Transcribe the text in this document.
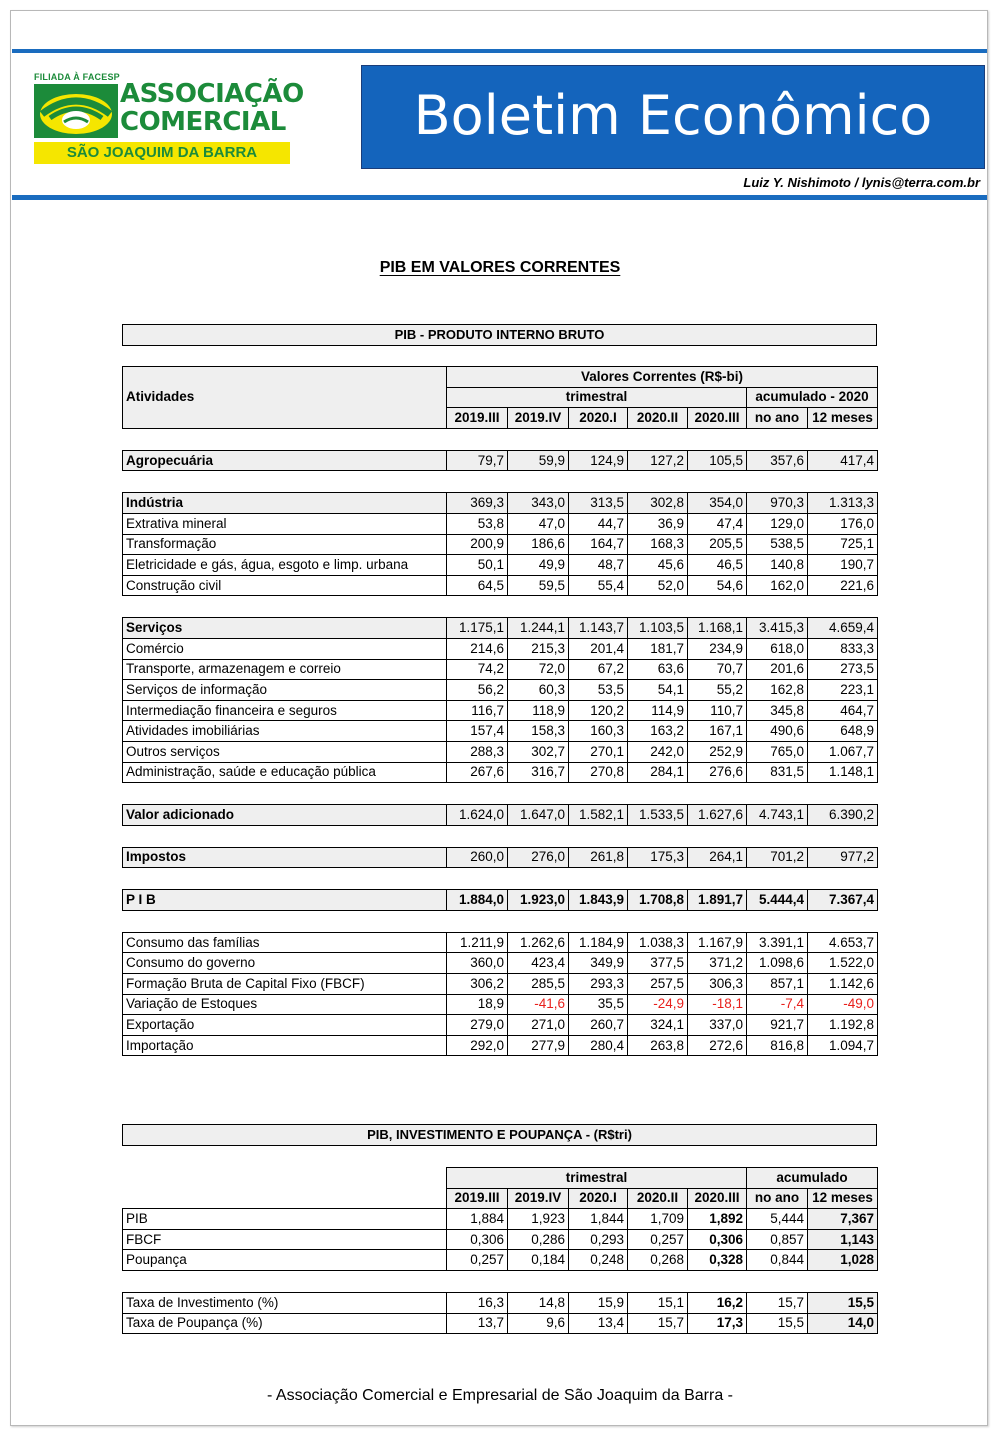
FILIADA À FACESP
ASSOCIAÇÃO
COMERCIAL
SÃO JOAQUIM DA BARRA
Boletim Econômico
Luiz Y. Nishimoto / lynis@terra.com.br
PIB EM VALORES CORRENTES
PIB - PRODUTO INTERNO BRUTO
Atividades	Valores Correntes (R$-bi)						
	trimestral					acumulado - 2020	
	2019.III	2019.IV	2020.I	2020.II	2020.III	no ano	12 meses

Agropecuária	79,7	59,9	124,9	127,2	105,5	357,6	417,4

Indústria	369,3	343,0	313,5	302,8	354,0	970,3	1.313,3
Extrativa mineral	53,8	47,0	44,7	36,9	47,4	129,0	176,0
Transformação	200,9	186,6	164,7	168,3	205,5	538,5	725,1
Eletricidade e gás, água, esgoto e limp. urbana	50,1	49,9	48,7	45,6	46,5	140,8	190,7
Construção civil	64,5	59,5	55,4	52,0	54,6	162,0	221,6

Serviços	1.175,1	1.244,1	1.143,7	1.103,5	1.168,1	3.415,3	4.659,4
Comércio	214,6	215,3	201,4	181,7	234,9	618,0	833,3
Transporte, armazenagem e correio	74,2	72,0	67,2	63,6	70,7	201,6	273,5
Serviços de informação	56,2	60,3	53,5	54,1	55,2	162,8	223,1
Intermediação financeira e seguros	116,7	118,9	120,2	114,9	110,7	345,8	464,7
Atividades imobiliárias	157,4	158,3	160,3	163,2	167,1	490,6	648,9
Outros serviços	288,3	302,7	270,1	242,0	252,9	765,0	1.067,7
Administração, saúde e educação pública	267,6	316,7	270,8	284,1	276,6	831,5	1.148,1

Valor adicionado	1.624,0	1.647,0	1.582,1	1.533,5	1.627,6	4.743,1	6.390,2

Impostos	260,0	276,0	261,8	175,3	264,1	701,2	977,2

P I B	1.884,0	1.923,0	1.843,9	1.708,8	1.891,7	5.444,4	7.367,4

Consumo das famílias	1.211,9	1.262,6	1.184,9	1.038,3	1.167,9	3.391,1	4.653,7
Consumo do governo	360,0	423,4	349,9	377,5	371,2	1.098,6	1.522,0
Formação Bruta de Capital Fixo (FBCF)	306,2	285,5	293,3	257,5	306,3	857,1	1.142,6
Variação de Estoques	18,9	-41,6	35,5	-24,9	-18,1	-7,4	-49,0
Exportação	279,0	271,0	260,7	324,1	337,0	921,7	1.192,8
Importação	292,0	277,9	280,4	263,8	272,6	816,8	1.094,7
PIB, INVESTIMENTO E POUPANÇA - (R$tri)
	trimestral					acumulado	
	2019.III	2019.IV	2020.I	2020.II	2020.III	no ano	12 meses
PIB	1,884	1,923	1,844	1,709	1,892	5,444	7,367
FBCF	0,306	0,286	0,293	0,257	0,306	0,857	1,143
Poupança	0,257	0,184	0,248	0,268	0,328	0,844	1,028

Taxa de Investimento (%)	16,3	14,8	15,9	15,1	16,2	15,7	15,5
Taxa de Poupança (%)	13,7	9,6	13,4	15,7	17,3	15,5	14,0
- Associação Comercial e Empresarial de São Joaquim da Barra -
